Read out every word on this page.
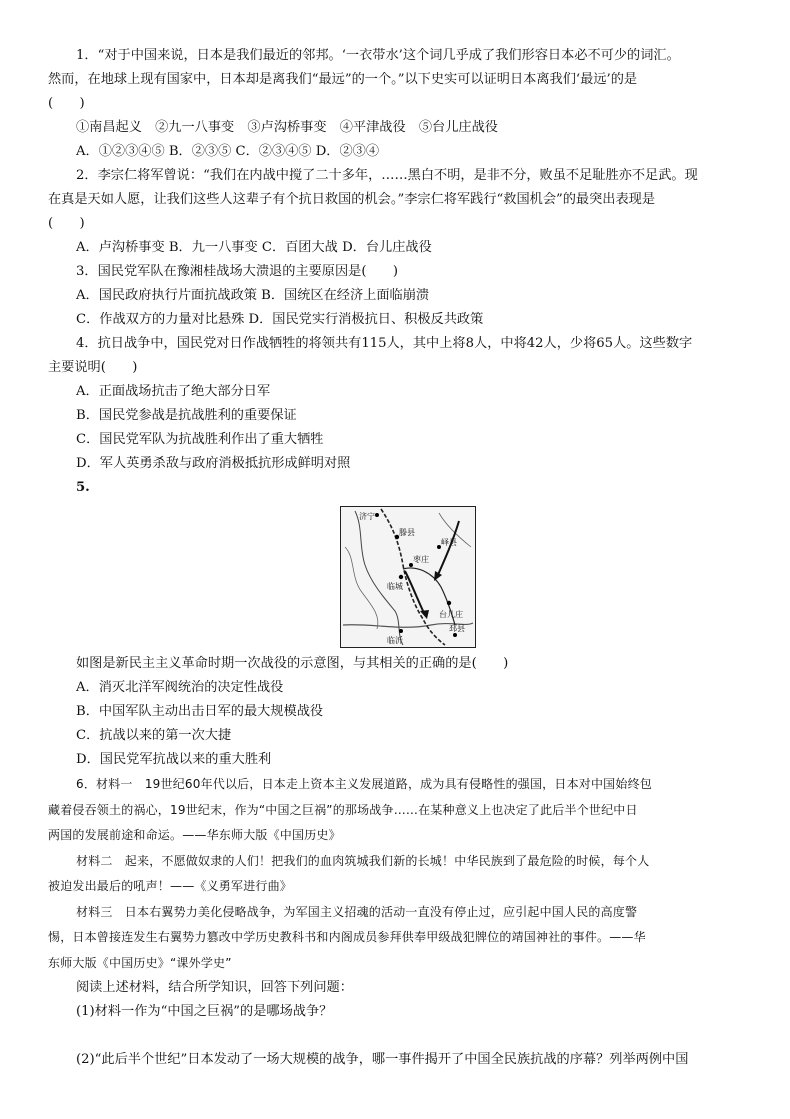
1．“对于中国来说，日本是我们最近的邻邦。‘一衣带水’这个词几乎成了我们形容日本必不可少的词汇。
然而，在地球上现有国家中，日本却是离我们“最远”的一个。”以下史实可以证明日本离我们‘最远’的是
(　　)
①南昌起义　②九一八事变　③卢沟桥事变　④平津战役　⑤台儿庄战役
A．①②③④⑤ B．②③⑤ C．②③④⑤ D．②③④
2．李宗仁将军曾说：“我们在内战中搅了二十多年，……黑白不明，是非不分，败虽不足耻胜亦不足武。现
在真是天如人愿，让我们这些人这辈子有个抗日救国的机会。”李宗仁将军践行“救国机会”的最突出表现是
(　　)
A．卢沟桥事变 B．九一八事变 C．百团大战 D．台儿庄战役
3．国民党军队在豫湘桂战场大溃退的主要原因是(　　)
A．国民政府执行片面抗战政策 B．国统区在经济上面临崩溃
C．作战双方的力量对比悬殊 D．国民党实行消极抗日、积极反共政策
4．抗日战争中，国民党对日作战牺牲的将领共有115人，其中上将8人，中将42人，少将65人。这些数字
主要说明(　　)
A．正面战场抗击了绝大部分日军
B．国民党参战是抗战胜利的重要保证
C．国民党军队为抗战胜利作出了重大牺牲
D．军人英勇杀敌与政府消极抵抗形成鲜明对照
5.
济宁
滕县
枣庄
临城
峄县
台儿庄
临沂
邳县
如图是新民主主义革命时期一次战役的示意图，与其相关的正确的是(　　)
A．消灭北洋军阀统治的决定性战役
B．中国军队主动出击日军的最大规模战役
C．抗战以来的第一次大捷
D．国民党军抗战以来的重大胜利
6．材料一　19世纪60年代以后，日本走上资本主义发展道路，成为具有侵略性的强国，日本对中国始终包
藏着侵吞领土的祸心，19世纪末，作为“中国之巨祸”的那场战争……在某种意义上也决定了此后半个世纪中日
两国的发展前途和命运。——华东师大版《中国历史》
材料二　起来，不愿做奴隶的人们！把我们的血肉筑城我们新的长城！中华民族到了最危险的时候，每个人
被迫发出最后的吼声！——《义勇军进行曲》
材料三　日本右翼势力美化侵略战争，为军国主义招魂的活动一直没有停止过，应引起中国人民的高度警
惕，日本曾接连发生右翼势力篡改中学历史教科书和内阁成员参拜供奉甲级战犯牌位的靖国神社的事件。——华
东师大版《中国历史》“课外学史”
阅读上述材料，结合所学知识，回答下列问题：
(1)材料一作为“中国之巨祸”的是哪场战争？
(2)“此后半个世纪”日本发动了一场大规模的战争，哪一事件揭开了中国全民族抗战的序幕？列举两例中国
